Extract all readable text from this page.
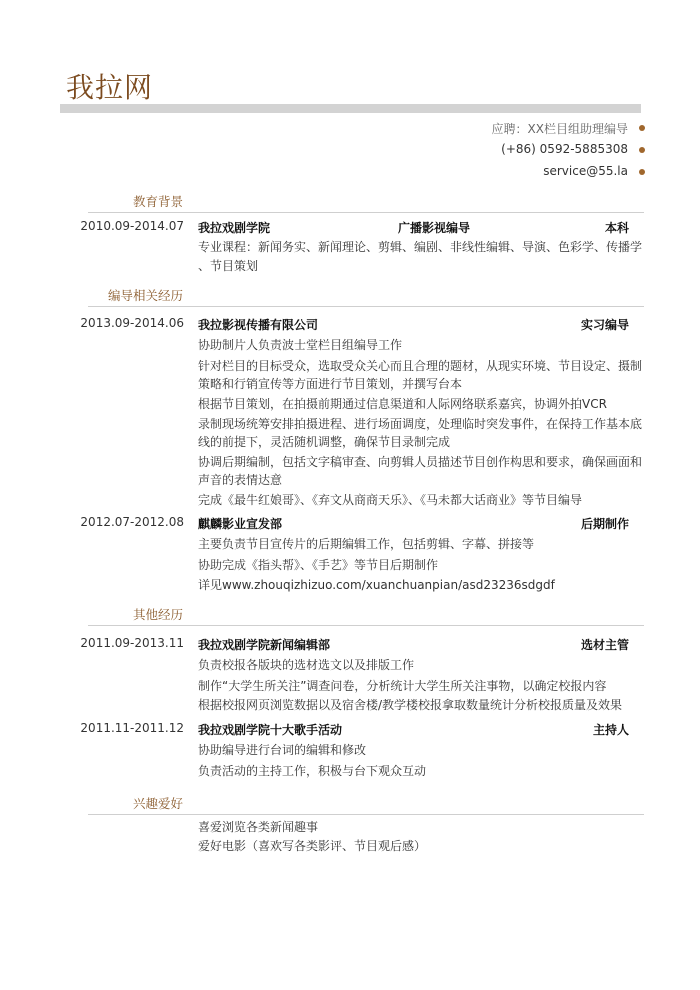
我拉网
应聘：XX栏目组助理编导
(+86) 0592-5885308
service@55.la
教育背景
2010.09-2014.07 我拉戏剧学院	广播影视编导	本科
专业课程：新闻务实、新闻理论、剪辑、编剧、非线性编辑、导演、色彩学、传播学
、节目策划
编导相关经历
2013.09-2014.06 我拉影视传播有限公司	实习编导
协助制片人负责波士堂栏目组编导工作
针对栏目的目标受众，选取受众关心而且合理的题材，从现实环境、节目设定、摄制
策略和行销宣传等方面进行节目策划，并撰写台本
根据节目策划，在拍摄前期通过信息渠道和人际网络联系嘉宾，协调外拍VCR
录制现场统筹安排拍摄进程、进行场面调度，处理临时突发事件，在保持工作基本底
线的前提下，灵活随机调整，确保节目录制完成
协调后期编制，包括文字稿审查、向剪辑人员描述节目创作构思和要求，确保画面和
声音的表情达意
完成《最牛红娘哥》、《弃文从商商天乐》、《马未都大话商业》等节目编导
2012.07-2012.08 麒麟影业宣发部	后期制作
主要负责节目宣传片的后期编辑工作，包括剪辑、字幕、拼接等
协助完成《指头帮》、《手艺》等节目后期制作
详见www.zhouqizhizuo.com/xuanchuanpian/asd23236sdgdf
其他经历
2011.09-2013.11 我拉戏剧学院新闻编辑部	选材主管
负责校报各版块的选材选文以及排版工作
制作“大学生所关注”调查问卷，分析统计大学生所关注事物，以确定校报内容
根据校报网页浏览数据以及宿舍楼/教学楼校报拿取数量统计分析校报质量及效果
2011.11-2011.12 我拉戏剧学院十大歌手活动	主持人
协助编导进行台词的编辑和修改
负责活动的主持工作，积极与台下观众互动
兴趣爱好
喜爱浏览各类新闻趣事
爱好电影（喜欢写各类影评、节目观后感）
